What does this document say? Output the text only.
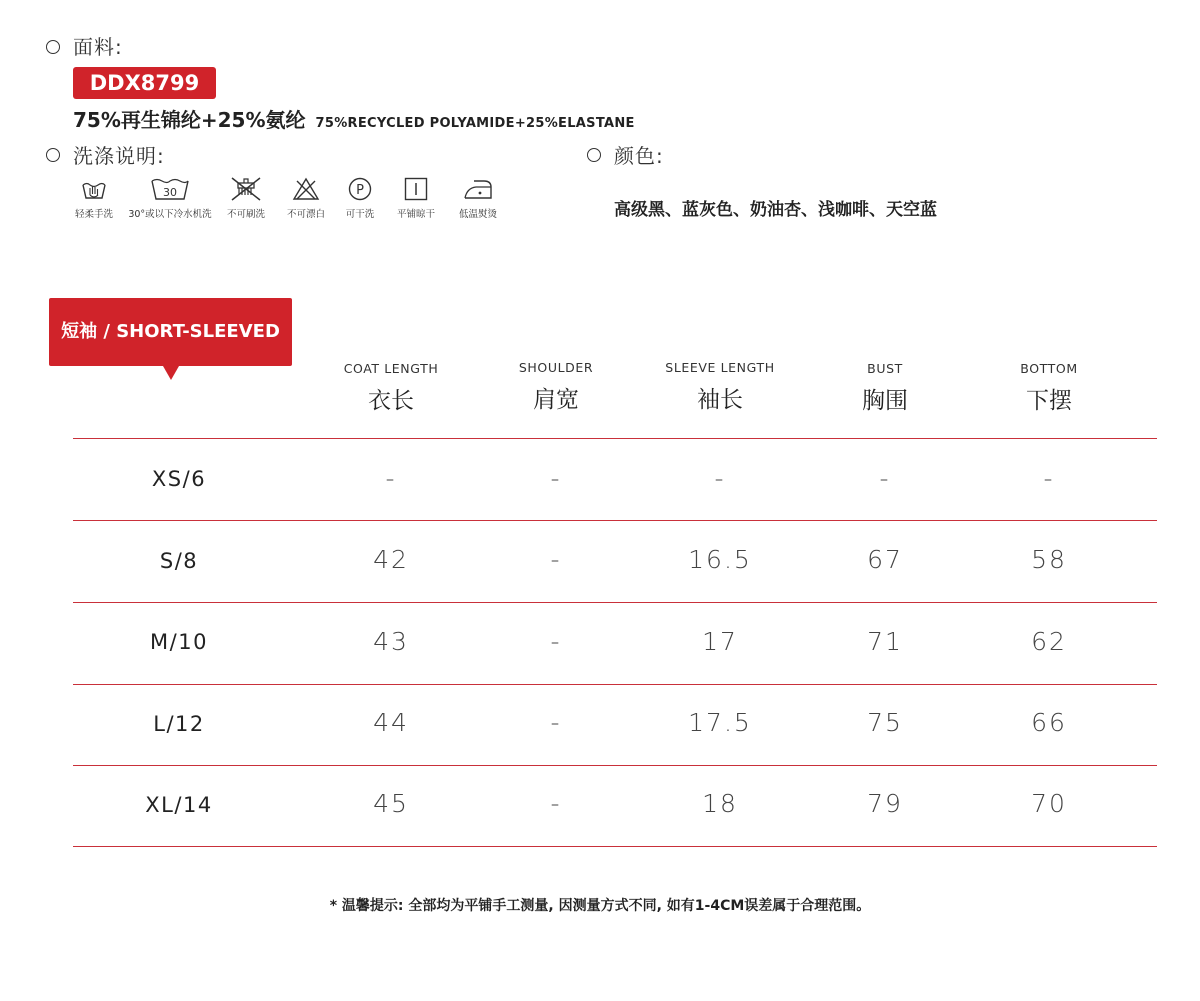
面料:
DDX8799
75%再生锦纶+25%氨纶 75%RECYCLED POLYAMIDE+25%ELASTANE
洗涤说明:
轻柔手洗
30
30°或以下冷水机洗	不可刷洗	不可漂白
P
可干洗	平铺晾干	低温熨烫
颜色:
高级黑、蓝灰色、奶油杏、浅咖啡、天空蓝
短袖 / SHORT-SLEEVED
COAT LENGTH
衣长
SHOULDER
肩宽
SLEEVE LENGTH
袖长
BUST
胸围
BOTTOM
下摆
XS/6	-	-	-	-	-
S/8	42	-	16.5	67	58
M/10	43	-	17	71	62
L/12	44	-	17.5	75	66
XL/14	45	-	18	79	70
* 温馨提示: 全部均为平铺手工测量, 因测量方式不同, 如有1-4CM误差属于合理范围。
